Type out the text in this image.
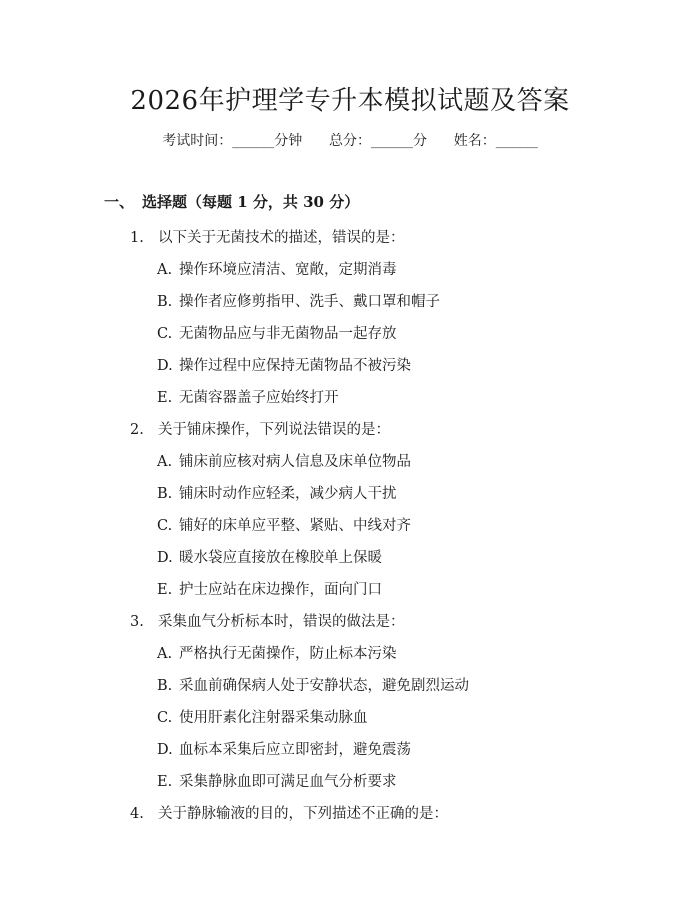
2026年护理学专升本模拟试题及答案
考试时间：______分钟      总分：______分      姓名：______
一、 选择题（每题 1 分，共 30 分）
1. 以下关于无菌技术的描述，错误的是：
A. 操作环境应清洁、宽敞，定期消毒
B. 操作者应修剪指甲、洗手、戴口罩和帽子
C. 无菌物品应与非无菌物品一起存放
D. 操作过程中应保持无菌物品不被污染
E. 无菌容器盖子应始终打开
2. 关于铺床操作，下列说法错误的是：
A. 铺床前应核对病人信息及床单位物品
B. 铺床时动作应轻柔，减少病人干扰
C. 铺好的床单应平整、紧贴、中线对齐
D. 暖水袋应直接放在橡胶单上保暖
E. 护士应站在床边操作，面向门口
3. 采集血气分析标本时，错误的做法是：
A. 严格执行无菌操作，防止标本污染
B. 采血前确保病人处于安静状态，避免剧烈运动
C. 使用肝素化注射器采集动脉血
D. 血标本采集后应立即密封，避免震荡
E. 采集静脉血即可满足血气分析要求
4. 关于静脉输液的目的，下列描述不正确的是：
